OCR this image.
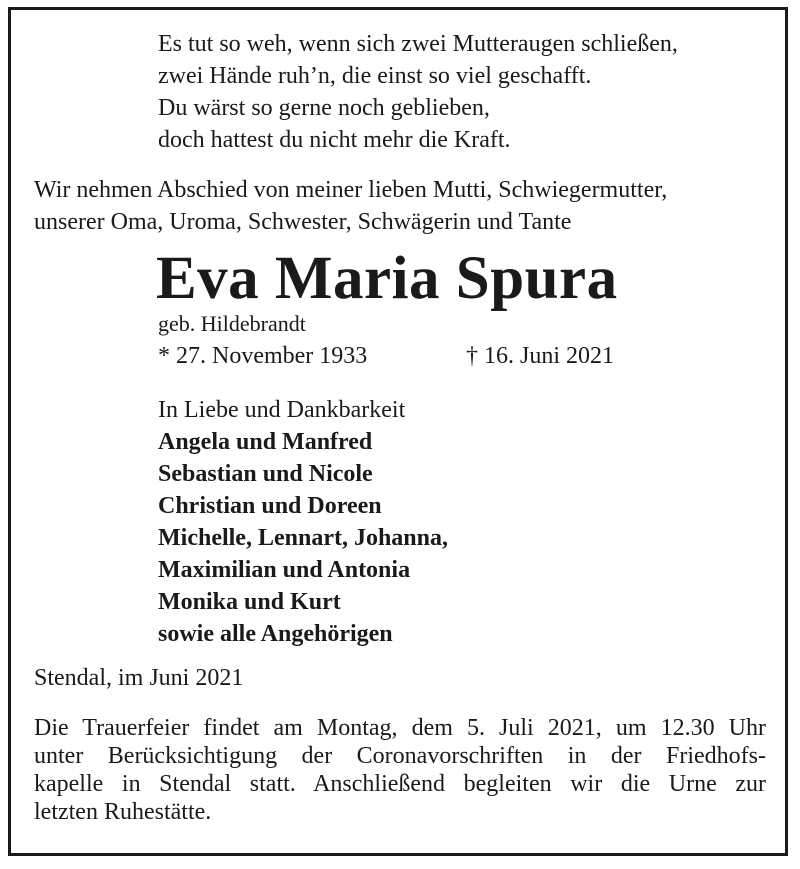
Es tut so weh, wenn sich zwei Mutteraugen schließen,
zwei Hände ruh’n, die einst so viel geschafft.
Du wärst so gerne noch geblieben,
doch hattest du nicht mehr die Kraft.
Wir nehmen Abschied von meiner lieben Mutti, Schwiegermutter,
unserer Oma, Uroma, Schwester, Schwägerin und Tante
Eva Maria Spura
geb. Hildebrandt
* 27. November 1933	† 16. Juni 2021
In Liebe und Dankbarkeit
Angela und Manfred
Sebastian und Nicole
Christian und Doreen
Michelle, Lennart, Johanna,
Maximilian und Antonia
Monika und Kurt
sowie alle Angehörigen
Stendal, im Juni 2021
Die Trauerfeier findet am Montag, dem 5. Juli 2021, um 12.30 Uhr
unter Berücksichtigung der Coronavorschriften in der Friedhofs-
kapelle in Stendal statt. Anschließend begleiten wir die Urne zur
letzten Ruhestätte.
